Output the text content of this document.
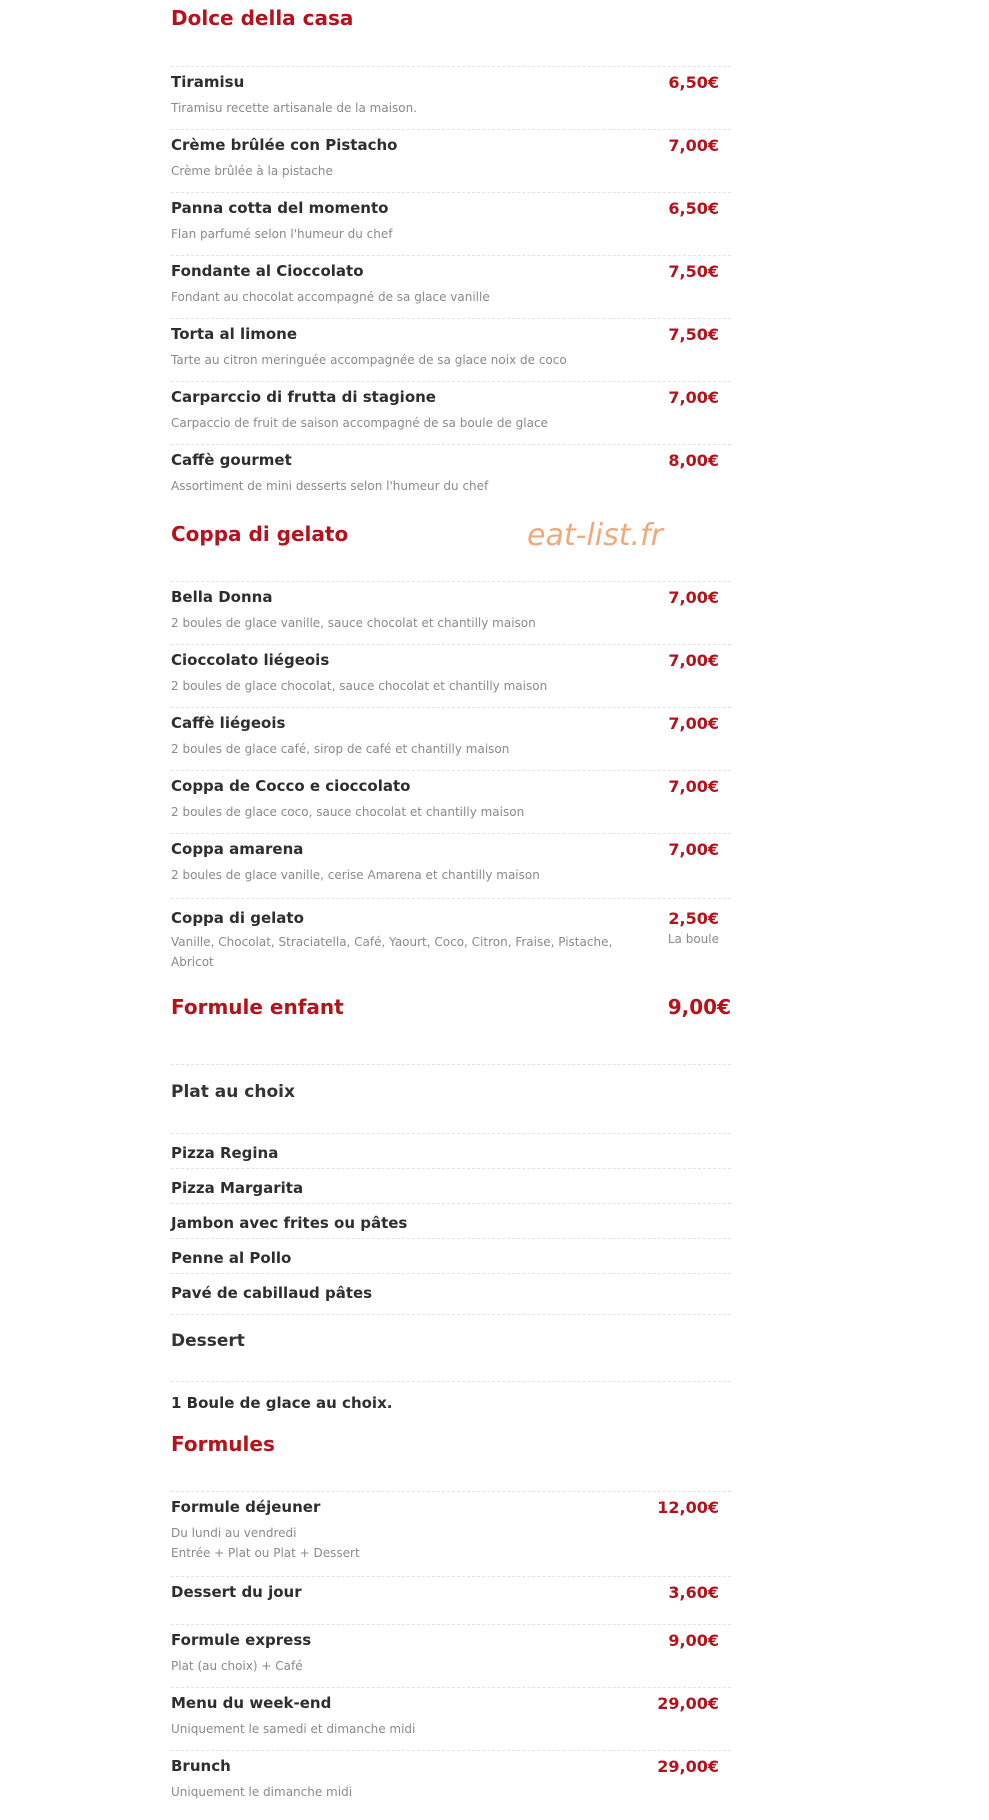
eat-list.fr
Dolce della casa
Tiramisu	6,50€
Tiramisu recette artisanale de la maison.
Crème brûlée con Pistacho	7,00€
Crème brûlée à la pistache
Panna cotta del momento	6,50€
Flan parfumé selon l'humeur du chef
Fondante al Cioccolato	7,50€
Fondant au chocolat accompagné de sa glace vanille
Torta al limone	7,50€
Tarte au citron meringuée accompagnée de sa glace noix de coco
Carparccio di frutta di stagione	7,00€
Carpaccio de fruit de saison accompagné de sa boule de glace
Caffè gourmet	8,00€
Assortiment de mini desserts selon l'humeur du chef
Coppa di gelato
Bella Donna	7,00€
2 boules de glace vanille, sauce chocolat et chantilly maison
Cioccolato liégeois	7,00€
2 boules de glace chocolat, sauce chocolat et chantilly maison
Caffè liégeois	7,00€
2 boules de glace café, sirop de café et chantilly maison
Coppa de Cocco e cioccolato	7,00€
2 boules de glace coco, sauce chocolat et chantilly maison
Coppa amarena	7,00€
2 boules de glace vanille, cerise Amarena et chantilly maison
Coppa di gelato	2,50€
Vanille, Chocolat, Straciatella, Café, Yaourt, Coco, Citron, Fraise, Pistache, Abricot
La boule
Formule enfant	9,00€
Plat au choix
Pizza Regina
Pizza Margarita
Jambon avec frites ou pâtes
Penne al Pollo
Pavé de cabillaud pâtes
Dessert
1 Boule de glace au choix.
Formules
Formule déjeuner	12,00€
Du lundi au vendredi
Entrée + Plat ou Plat + Dessert
Dessert du jour	3,60€
Formule express	9,00€
Plat (au choix) + Café
Menu du week-end	29,00€
Uniquement le samedi et dimanche midi
Brunch	29,00€
Uniquement le dimanche midi
